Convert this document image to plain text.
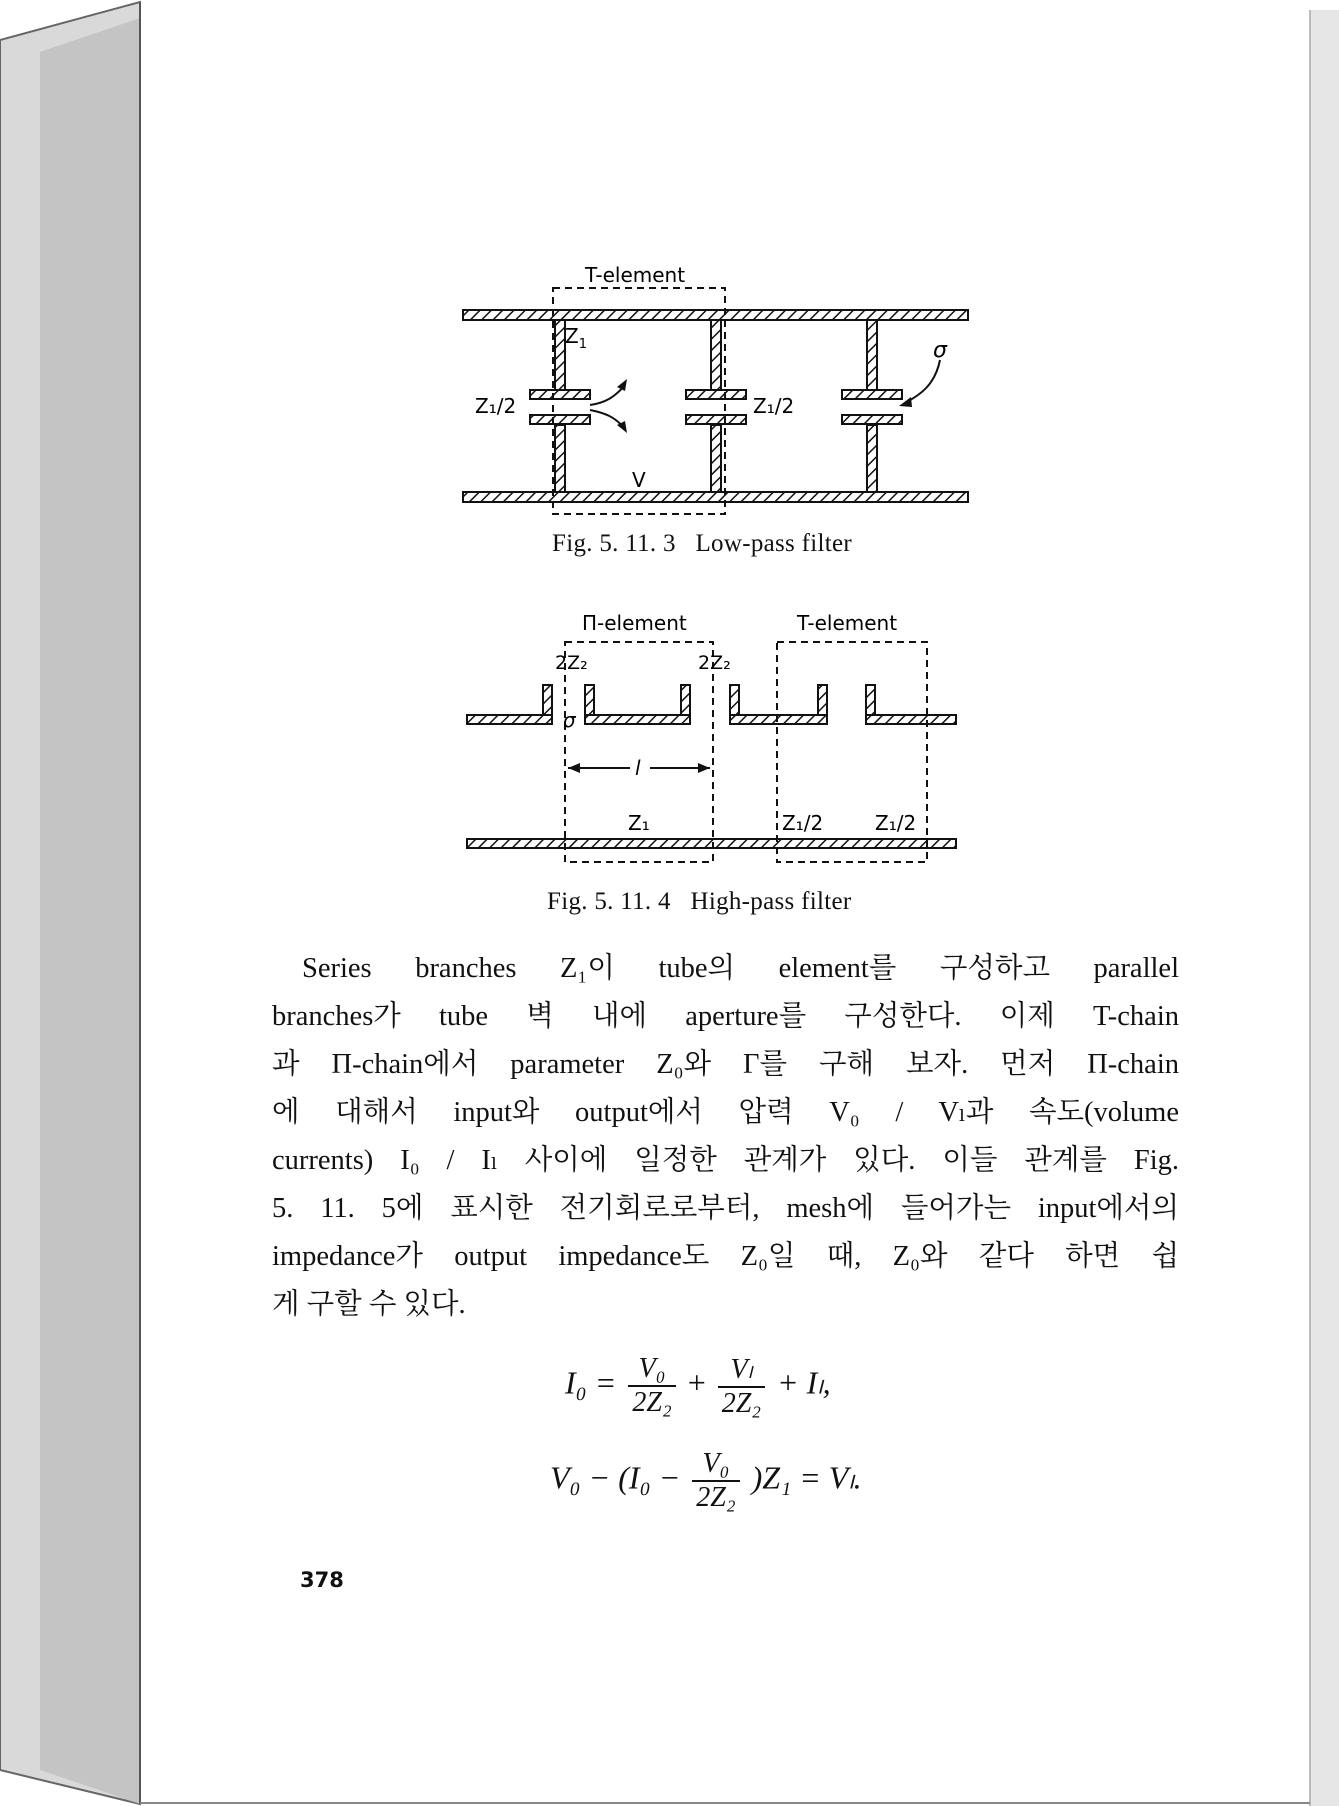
T-element
$Z_1$
Z₁/2	Z₁/2
σ
V
Fig. 5. 11. 3   Low-pass filter
Π-element	T-element
2Z₂	2Z₂
σ
l
Z₁	Z₁/2	Z₁/2
Fig. 5. 11. 4   High-pass filter
Series branches Z₁이 tube의 element를 구성하고 parallel
branches가 tube 벽 내에 aperture를 구성한다. 이제 T-chain
과 Π-chain에서 parameter Z₀와 Γ를 구해 보자. 먼저 Π-chain
에 대해서 input와 output에서 압력 V₀ / Vₗ과 속도(volume
currents) I₀ / Iₗ 사이에 일정한 관계가 있다. 이들 관계를 Fig.
5. 11. 5에 표시한 전기회로로부터, mesh에 들어가는 input에서의
impedance가 output impedance도 Z₀일 때, Z₀와 같다 하면 쉽
게 구할 수 있다.
$I_0 = \frac{\text{V₀}}{\text{2Z₂}} + \frac{\text{Vₗ}}{\text{2Z₂}} + I_l$,
$V_0 - (I_0 - \frac{\text{V₀}}{\text{2Z₂}} )Z_1 = V_l$.
378
